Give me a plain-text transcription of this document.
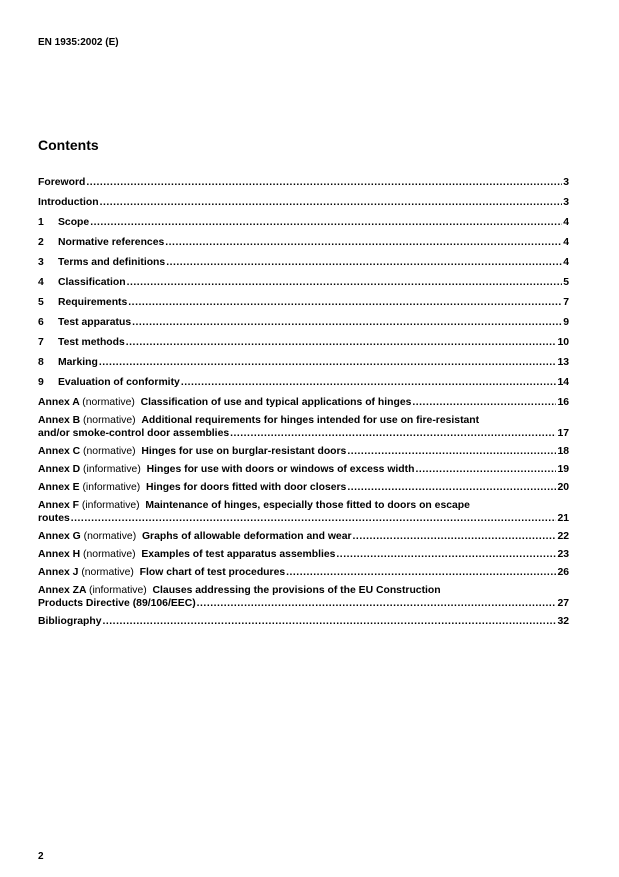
EN 1935:2002 (E)
Contents
Foreword .....	3
Introduction .....	3
1	Scope .....	4
2	Normative references .....	4
3	Terms and definitions .....	4
4	Classification .....	5
5	Requirements .....	7
6	Test apparatus .....	9
7	Test methods .....	10
8	Marking .....	13
9	Evaluation of conformity .....	14
Annex A (normative) Classification of use and typical applications of hinges .....	16
Annex B (normative) Additional requirements for hinges intended for use on fire-resistant
and/or smoke-control door assemblies .....	17
Annex C (normative) Hinges for use on burglar-resistant doors .....	18
Annex D (informative) Hinges for use with doors or windows of excess width .....	19
Annex E (informative) Hinges for doors fitted with door closers .....	20
Annex F (informative) Maintenance of hinges, especially those fitted to doors on escape
routes .....	21
Annex G (normative) Graphs of allowable deformation and wear .....	22
Annex H (normative) Examples of test apparatus assemblies .....	23
Annex J (normative) Flow chart of test procedures .....	26
Annex ZA (informative) Clauses addressing the provisions of the EU Construction
Products Directive (89/106/EEC) .....	27
Bibliography .....	32
2
